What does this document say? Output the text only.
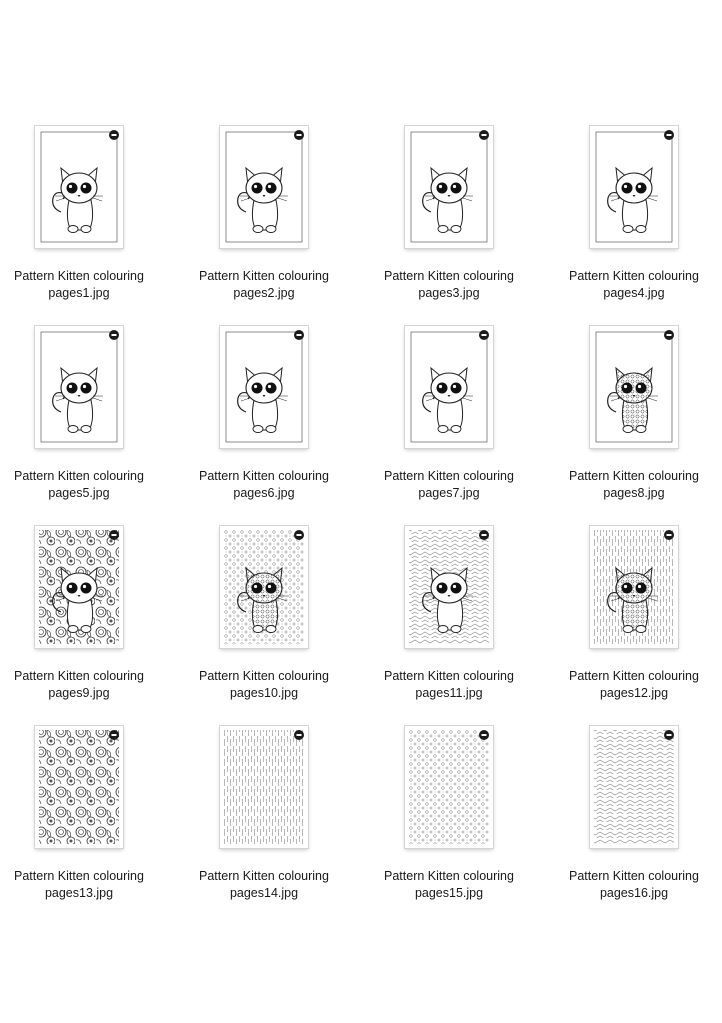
Pattern Kitten colouring
pages1.jpg
Pattern Kitten colouring
pages2.jpg
Pattern Kitten colouring
pages3.jpg
Pattern Kitten colouring
pages4.jpg
Pattern Kitten colouring
pages5.jpg
Pattern Kitten colouring
pages6.jpg
Pattern Kitten colouring
pages7.jpg
Pattern Kitten colouring
pages8.jpg
Pattern Kitten colouring
pages9.jpg
Pattern Kitten colouring
pages10.jpg
Pattern Kitten colouring
pages11.jpg
Pattern Kitten colouring
pages12.jpg
Pattern Kitten colouring
pages13.jpg
Pattern Kitten colouring
pages14.jpg
Pattern Kitten colouring
pages15.jpg
Pattern Kitten colouring
pages16.jpg
